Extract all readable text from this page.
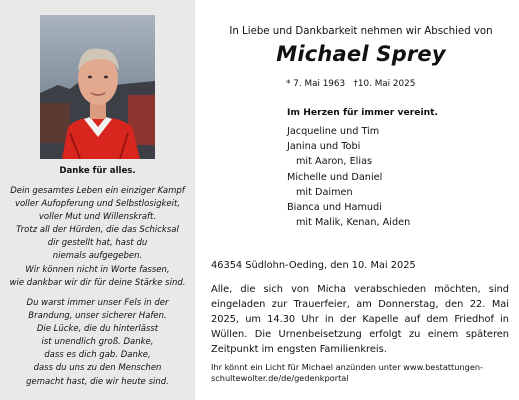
Danke für alles.

Dein gesamtes Leben ein einziger Kampf

voller Aufopferung und Selbstlosigkeit,

voller Mut und Willenskraft.

Trotz all der Hürden, die das Schicksal

dir gestellt hat, hast du

niemals aufgegeben.

Wir können nicht in Worte fassen,

wie dankbar wir dir für deine Stärke sind.

Du warst immer unser Fels in der

Brandung, unser sicherer Hafen.

Die Lücke, die du hinterlässt

ist unendlich groß. Danke,

dass es dich gab. Danke,

dass du uns zu den Menschen

gemacht hast, die wir heute sind.

In Liebe und Dankbarkeit nehmen wir Abschied von
Michael Sprey
* 7. Mai 1963 †10. Mai 2025
Im Herzen für immer vereint.
Jacqueline und Tim
Janina und Tobi
mit Aaron, Elias
Michelle und Daniel
mit Daimen
Bianca und Hamudi
mit Malik, Kenan, Aiden
46354 Südlohn-Oeding, den 10. Mai 2025

Alle, die sich von Micha verabschieden möchten, sind eingeladen zur Trauerfeier, am Donnerstag, den 22. Mai 2025, um 14.30 Uhr in der Kapelle auf dem Friedhof in Wüllen. Die Urnenbeisetzung erfolgt zu einem späteren Zeitpunkt im engsten Familienkreis.

Ihr könnt ein Licht für Michael anzünden unter www.bestattungen-schultewolter.de/de/gedenkportal
